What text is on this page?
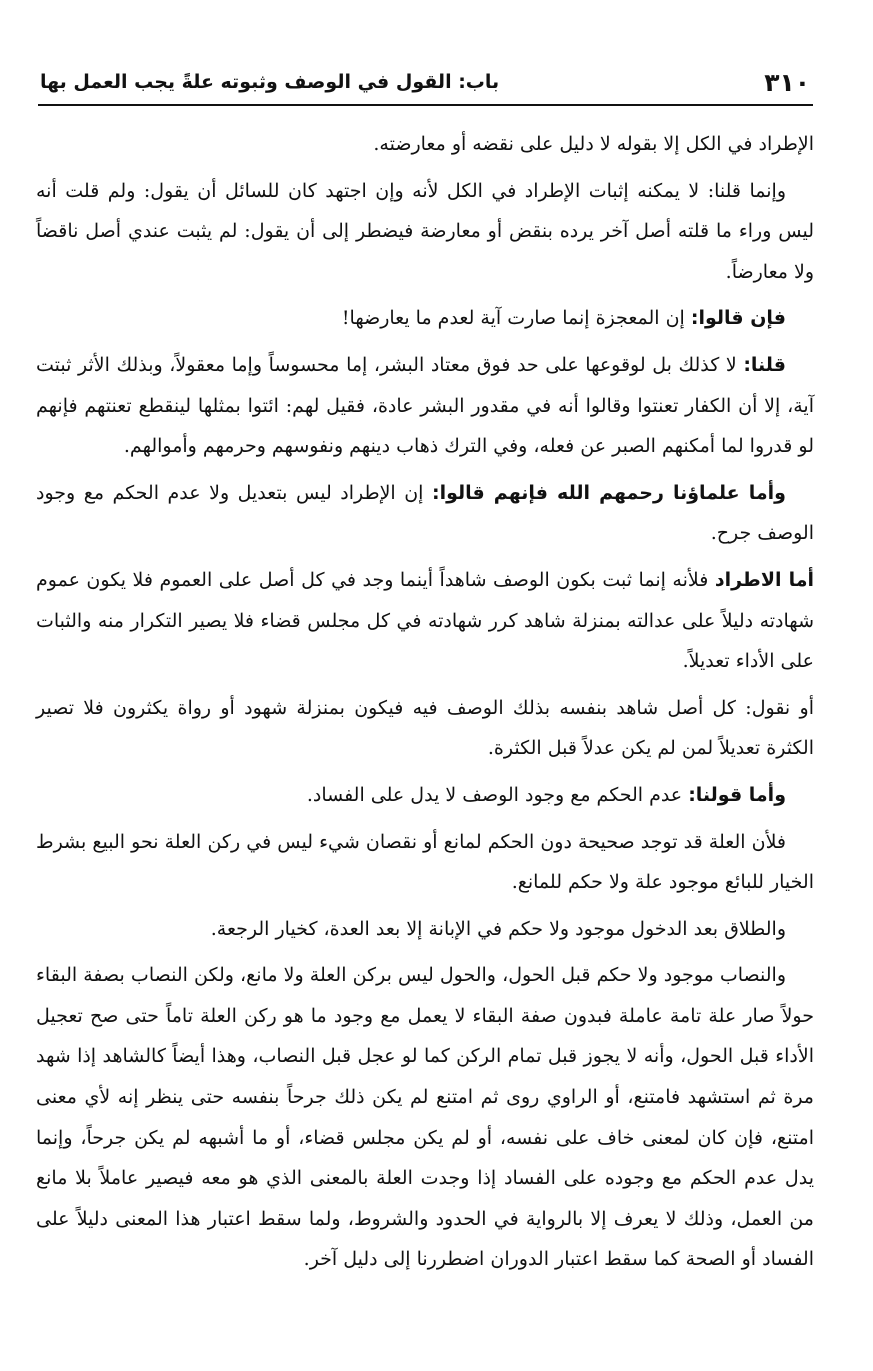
٣١٠
باب: القول في الوصف وثبوته علةً يجب العمل بها

الإطراد في الكل إلا بقوله لا دليل على نقضه أو معارضته.

وإنما قلنا: لا يمكنه إثبات الإطراد في الكل لأنه وإن اجتهد كان للسائل أن يقول: ولم قلت أنه ليس وراء ما قلته أصل آخر يرده بنقض أو معارضة فيضطر إلى أن يقول: لم يثبت عندي أصل ناقضاً ولا معارضاً.

فإن قالوا: إن المعجزة إنما صارت آية لعدم ما يعارضها!

قلنا: لا كذلك بل لوقوعها على حد فوق معتاد البشر، إما محسوساً وإما معقولاً، وبذلك الأثر ثبتت آية، إلا أن الكفار تعنتوا وقالوا أنه في مقدور البشر عادة، فقيل لهم: ائتوا بمثلها لينقطع تعنتهم فإنهم لو قدروا لما أمكنهم الصبر عن فعله، وفي الترك ذهاب دينهم ونفوسهم وحرمهم وأموالهم.

وأما علماؤنا رحمهم الله فإنهم قالوا: إن الإطراد ليس بتعديل ولا عدم الحكم مع وجود الوصف جرح.

أما الاطراد فلأنه إنما ثبت بكون الوصف شاهداً أينما وجد في كل أصل على العموم فلا يكون عموم شهادته دليلاً على عدالته بمنزلة شاهد كرر شهادته في كل مجلس قضاء فلا يصير التكرار منه والثبات على الأداء تعديلاً.

أو نقول: كل أصل شاهد بنفسه بذلك الوصف فيه فيكون بمنزلة شهود أو رواة يكثرون فلا تصير الكثرة تعديلاً لمن لم يكن عدلاً قبل الكثرة.

وأما قولنا: عدم الحكم مع وجود الوصف لا يدل على الفساد.

فلأن العلة قد توجد صحيحة دون الحكم لمانع أو نقصان شيء ليس في ركن العلة نحو البيع بشرط الخيار للبائع موجود علة ولا حكم للمانع.

والطلاق بعد الدخول موجود ولا حكم في الإبانة إلا بعد العدة، كخيار الرجعة.

والنصاب موجود ولا حكم قبل الحول، والحول ليس بركن العلة ولا مانع، ولكن النصاب بصفة البقاء حولاً صار علة تامة عاملة فبدون صفة البقاء لا يعمل مع وجود ما هو ركن العلة تاماً حتى صح تعجيل الأداء قبل الحول، وأنه لا يجوز قبل تمام الركن كما لو عجل قبل النصاب، وهذا أيضاً كالشاهد إذا شهد مرة ثم استشهد فامتنع، أو الراوي روى ثم امتنع لم يكن ذلك جرحاً بنفسه حتى ينظر إنه لأي معنى امتنع، فإن كان لمعنى خاف على نفسه، أو لم يكن مجلس قضاء، أو ما أشبهه لم يكن جرحاً، وإنما يدل عدم الحكم مع وجوده على الفساد إذا وجدت العلة بالمعنى الذي هو معه فيصير عاملاً بلا مانع من العمل، وذلك لا يعرف إلا بالرواية في الحدود والشروط، ولما سقط اعتبار هذا المعنى دليلاً على الفساد أو الصحة كما سقط اعتبار الدوران اضطررنا إلى دليل آخر.
